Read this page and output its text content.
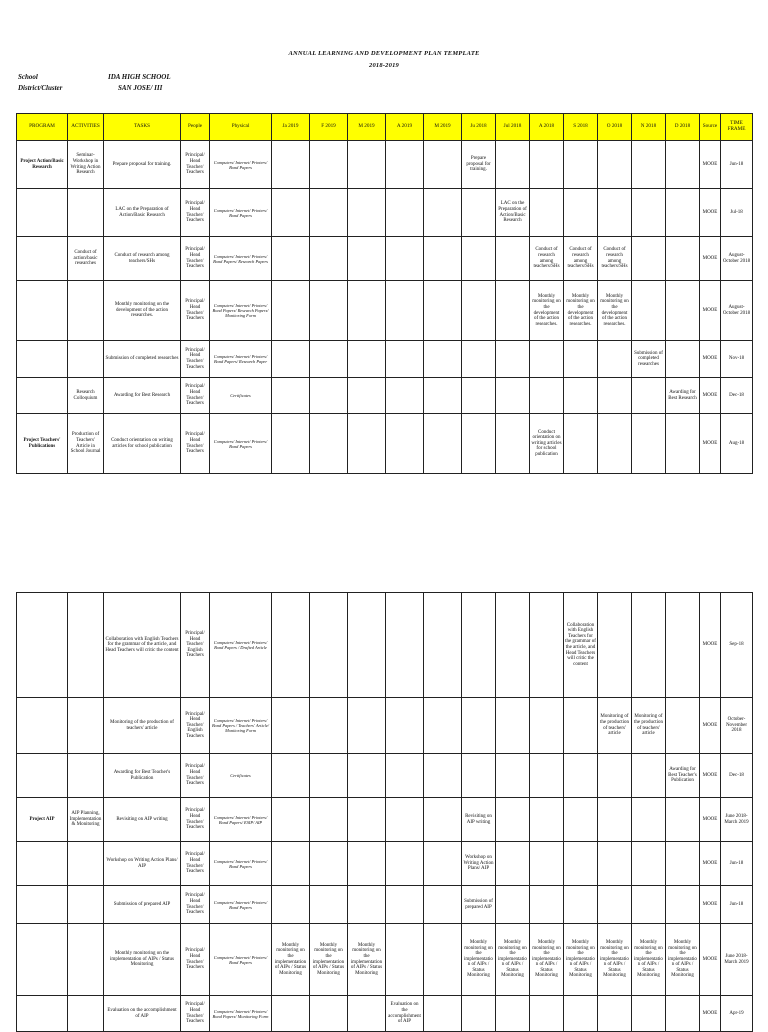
ANNUAL LEARNING AND DEVELOPMENT PLAN TEMPLATE
2018-2019
School	IDA HIGH SCHOOL
District/Cluster	SAN JOSE/ III
PROGRAM	ACTIVITIES	TASKS	People	Physical	Ja 2019	F 2019	M 2019	A 2019	M 2019	Ju 2018	Jul 2018	A 2018	S 2018	O 2018	N 2018	D 2018	Source	TIME FRAME
Project Action/Basic Research	Seminar-Workshop in Writing Action Research	Prepare proposal for training.	Principal/ Head Teacher/ Teachers	Computers/ Internet/ Printers/ Bond Papers						Prepare proposal for training.							MOOE	Jun-18
		LAC on the Preparation of Action/Basic Research	Principal/ Head Teacher/ Teachers	Computers/ Internet/ Printers/ Bond Papers							LAC on the Preparation of Action/Basic Research						MOOE	Jul-18
	Conduct of action/basic researches	Conduct of research among teachers/SHs	Principal/ Head Teacher/ Teachers	Computers/ Internet/ Printers/ Bond Papers/ Research Papers								Conduct of research among teachers/SHs	Conduct of research among teachers/SHs	Conduct of research among teachers/SHs			MOOE	August-October 2018
		Monthly monitoring on the development of the action researches.	Principal/ Head Teacher/ Teachers	Computers/ Internet/ Printers/ Bond Papers/ Research Papers/ Monitoring Form								Monthly monitoring on the development of the action researches.	Monthly monitoring on the development of the action researches.	Monthly monitoring on the development of the action researches.			MOOE	August-October 2018
		Submission of completed researches	Principal/ Head Teacher/ Teachers	Computers/ Internet/ Printers/ Bond Papers/ Research Paper											Submission of completed researches		MOOE	Nov-18
	Research Colloquium	Awarding for Best Research	Principal/ Head Teacher/ Teachers	Certificates												Awarding for Best Research	MOOE	Dec-18
Project Teachers' Publications	Production of Teachers' Article in School Journal	Conduct orientation on writing articles for school publication	Principal/ Head Teacher/ Teachers	Computers/ Internet/ Printers/ Bond Papers								Conduct orientation on writing articles for school publication					MOOE	Aug-18
		Collaboration with English Teachers for the grammar of the article, and Head Teachers will critic the content	Principal/ Head Teacher/ English Teachers	Computers/ Internet/ Printers/ Bond Papers / Drafted Article									Collaboration with English Teachers for the grammar of the article, and Head Teachers will critic the content				MOOE	Sep-18
		Monitoring of the production of teachers' article	Principal/ Head Teacher/ English Teachers	Computers/ Internet/ Printers/ Bond Papers / Teachers' Article/ Monitoring Form										Monitoring of the production of teachers' article	Monitoring of the production of teachers' article		MOOE	October-November 2018
		Awarding for Best Teacher's Publication	Principal/ Head Teacher/ Teachers	Certificates												Awarding for Best Teacher's Publication	MOOE	Dec-18
Project AIP	AIP Planning, Implementation & Monitoring	Revisiting on AIP writing	Principal/ Head Teacher/ Teachers	Computers/ Internet/ Printers/ Bond Papers/ ESIP/ AIP						Revisiting on AIP writing							MOOE	June 2018-March 2019
		Workshop on Writing Action Plans/ AIP	Principal/ Head Teacher/ Teachers	Computers/ Internet/ Printers/ Bond Papers						Workshop on Writing Action Plans/ AIP							MOOE	Jun-18
		Submission of prepared AIP	Principal/ Head Teacher/ Teachers	Computers/ Internet/ Printers/ Bond Papers						Submission of prepared AIP							MOOE	Jun-18
		Monthly monitoring on the implementation of AIPs / Status Monitoring	Principal/ Head Teacher/ Teachers	Computers/ Internet/ Printers/ Bond Papers	Monthly monitoring on the implementation of AIPs / Status Monitoring	Monthly monitoring on the implementation of AIPs / Status Monitoring	Monthly monitoring on the implementation of AIPs / Status Monitoring			Monthly monitoring on the implementation of AIPs / Status Monitoring	Monthly monitoring on the implementation of AIPs / Status Monitoring	Monthly monitoring on the implementation of AIPs / Status Monitoring	Monthly monitoring on the implementation of AIPs / Status Monitoring	Monthly monitoring on the implementation of AIPs / Status Monitoring	Monthly monitoring on the implementation of AIPs / Status Monitoring	Monthly monitoring on the implementation of AIPs / Status Monitoring	MOOE	June 2018-March 2019
		Evaluation on the accomplishment of AIP	Principal/ Head Teacher/ Teachers	Computers/ Internet/ Printers/ Bond Papers/ Monitoring Form				Evaluation on the accomplishment of AIP									MOOE	Apr-19
